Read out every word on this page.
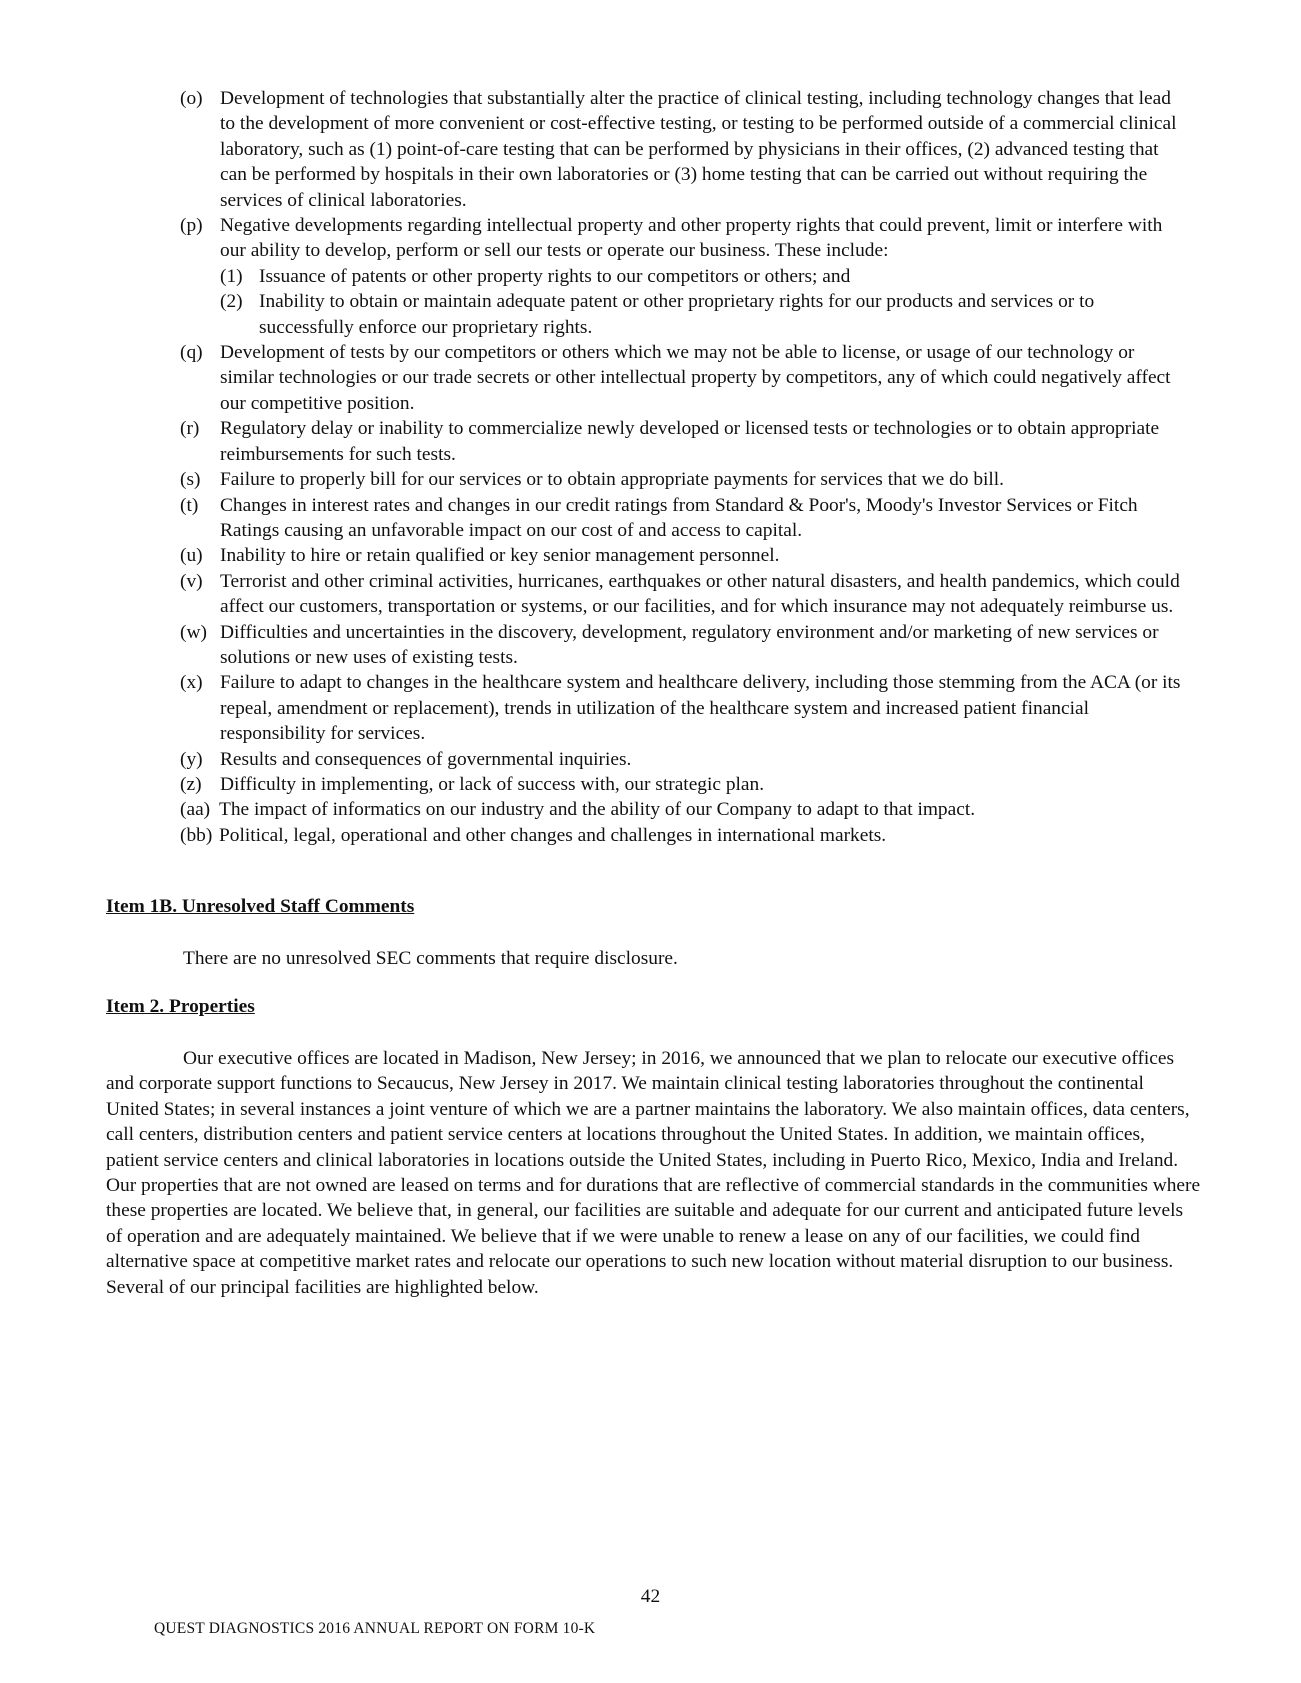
(o) Development of technologies that substantially alter the practice of clinical testing, including technology changes that lead to the development of more convenient or cost-effective testing, or testing to be performed outside of a commercial clinical laboratory, such as (1) point-of-care testing that can be performed by physicians in their offices, (2) advanced testing that can be performed by hospitals in their own laboratories or (3) home testing that can be carried out without requiring the services of clinical laboratories.
(p) Negative developments regarding intellectual property and other property rights that could prevent, limit or interfere with our ability to develop, perform or sell our tests or operate our business. These include:
(1) Issuance of patents or other property rights to our competitors or others; and
(2) Inability to obtain or maintain adequate patent or other proprietary rights for our products and services or to successfully enforce our proprietary rights.
(q) Development of tests by our competitors or others which we may not be able to license, or usage of our technology or similar technologies or our trade secrets or other intellectual property by competitors, any of which could negatively affect our competitive position.
(r) Regulatory delay or inability to commercialize newly developed or licensed tests or technologies or to obtain appropriate reimbursements for such tests.
(s) Failure to properly bill for our services or to obtain appropriate payments for services that we do bill.
(t) Changes in interest rates and changes in our credit ratings from Standard & Poor's, Moody's Investor Services or Fitch Ratings causing an unfavorable impact on our cost of and access to capital.
(u) Inability to hire or retain qualified or key senior management personnel.
(v) Terrorist and other criminal activities, hurricanes, earthquakes or other natural disasters, and health pandemics, which could affect our customers, transportation or systems, or our facilities, and for which insurance may not adequately reimburse us.
(w) Difficulties and uncertainties in the discovery, development, regulatory environment and/or marketing of new services or solutions or new uses of existing tests.
(x) Failure to adapt to changes in the healthcare system and healthcare delivery, including those stemming from the ACA (or its repeal, amendment or replacement), trends in utilization of the healthcare system and increased patient financial responsibility for services.
(y) Results and consequences of governmental inquiries.
(z) Difficulty in implementing, or lack of success with, our strategic plan.
(aa) The impact of informatics on our industry and the ability of our Company to adapt to that impact.
(bb) Political, legal, operational and other changes and challenges in international markets.
Item 1B. Unresolved Staff Comments
There are no unresolved SEC comments that require disclosure.
Item 2. Properties
Our executive offices are located in Madison, New Jersey; in 2016, we announced that we plan to relocate our executive offices and corporate support functions to Secaucus, New Jersey in 2017. We maintain clinical testing laboratories throughout the continental United States; in several instances a joint venture of which we are a partner maintains the laboratory. We also maintain offices, data centers, call centers, distribution centers and patient service centers at locations throughout the United States. In addition, we maintain offices, patient service centers and clinical laboratories in locations outside the United States, including in Puerto Rico, Mexico, India and Ireland. Our properties that are not owned are leased on terms and for durations that are reflective of commercial standards in the communities where these properties are located. We believe that, in general, our facilities are suitable and adequate for our current and anticipated future levels of operation and are adequately maintained. We believe that if we were unable to renew a lease on any of our facilities, we could find alternative space at competitive market rates and relocate our operations to such new location without material disruption to our business. Several of our principal facilities are highlighted below.
42
QUEST DIAGNOSTICS 2016 ANNUAL REPORT ON FORM 10-K
